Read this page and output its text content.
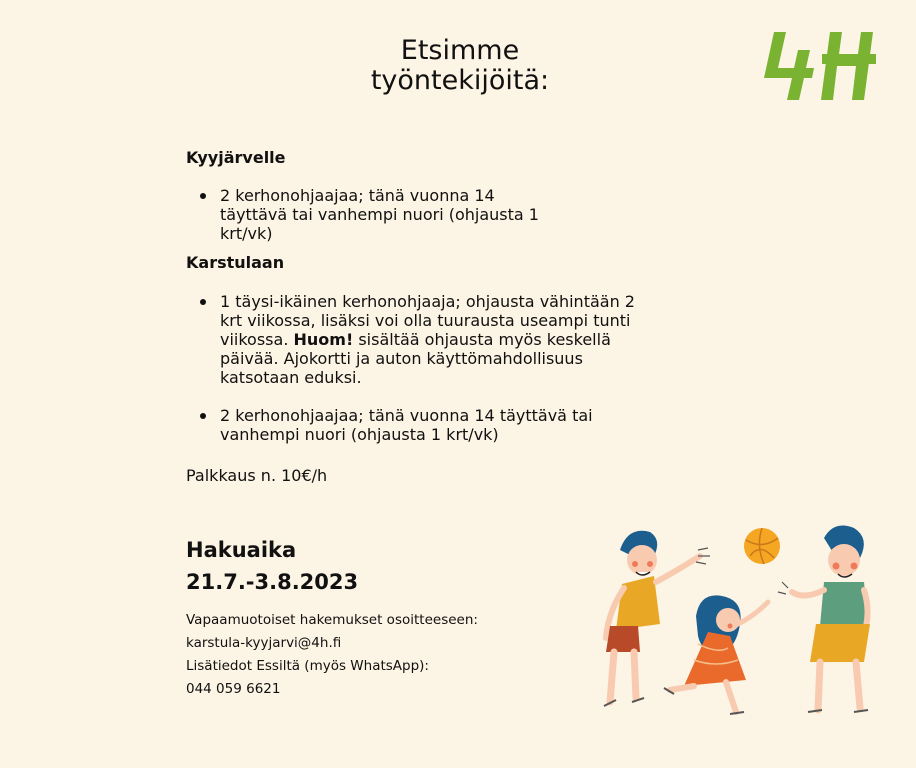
Etsimme
työntekijöitä:
Kyyjärvelle
2 kerhonohjaajaa; tänä vuonna 14
täyttävä tai vanhempi nuori (ohjausta 1
krt/vk)
Karstulaan
1 täysi-ikäinen kerhonohjaaja; ohjausta vähintään 2
krt viikossa, lisäksi voi olla tuurausta useampi tunti
viikossa. Huom! sisältää ohjausta myös keskellä
päivää. Ajokortti ja auton käyttömahdollisuus
katsotaan eduksi.
2 kerhonohjaajaa; tänä vuonna 14 täyttävä tai
vanhempi nuori (ohjausta 1 krt/vk)
Palkkaus n. 10€/h
Hakuaika
21.7.-3.8.2023
Vapaamuotoiset hakemukset osoitteeseen:
karstula-kyyjarvi@4h.fi
Lisätiedot Essiltä (myös WhatsApp):
044 059 6621
